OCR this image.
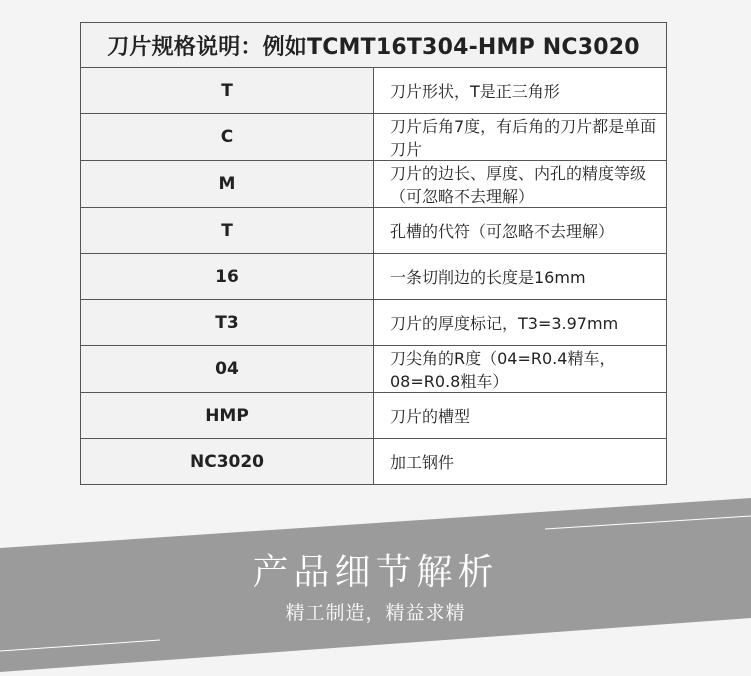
刀片规格说明：例如TCMT16T304-HMP NC3020	
T	刀片形状，T是正三角形
C	刀片后角7度，有后角的刀片都是单面刀片
M	刀片的边长、厚度、内孔的精度等级（可忽略不去理解）
T	孔槽的代符（可忽略不去理解）
16	一条切削边的长度是16mm
T3	刀片的厚度标记，T3=3.97mm
04	刀尖角的R度（04=R0.4精车，08=R0.8粗车）
HMP	刀片的槽型
NC3020	加工钢件
产品细节解析
精工制造，精益求精
